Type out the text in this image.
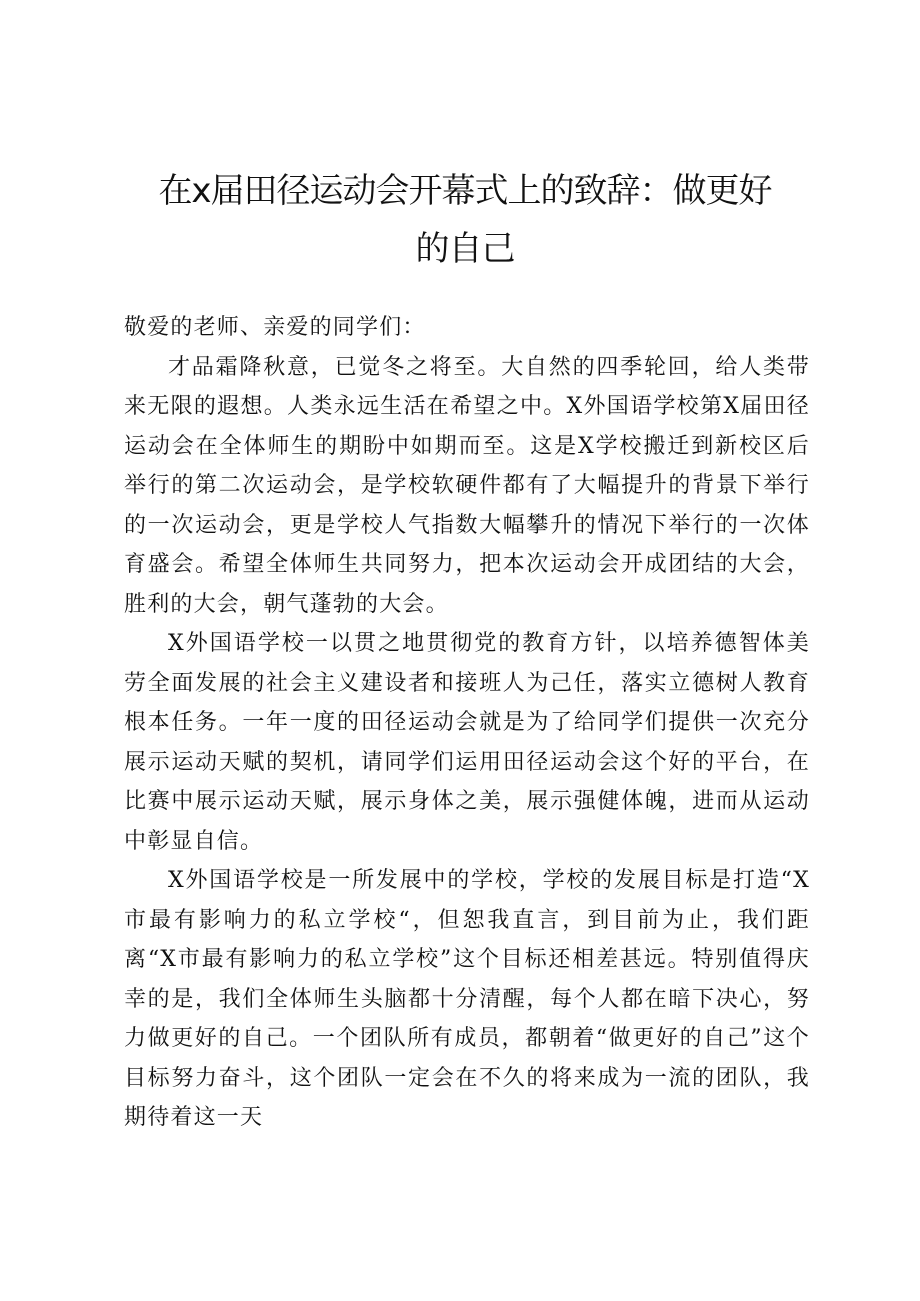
在x届田径运动会开幕式上的致辞：做更好
的自己

敬爱的老师、亲爱的同学们：

才品霜降秋意，已觉冬之将至。大自然的四季轮回，给人类带来无限的遐想。人类永远生活在希望之中。X外国语学校第X届田径运动会在全体师生的期盼中如期而至。这是X学校搬迁到新校区后举行的第二次运动会，是学校软硬件都有了大幅提升的背景下举行的一次运动会，更是学校人气指数大幅攀升的情况下举行的一次体育盛会。希望全体师生共同努力，把本次运动会开成团结的大会，胜利的大会，朝气蓬勃的大会。

X外国语学校一以贯之地贯彻党的教育方针，以培养德智体美劳全面发展的社会主义建设者和接班人为己任，落实立德树人教育根本任务。一年一度的田径运动会就是为了给同学们提供一次充分展示运动天赋的契机，请同学们运用田径运动会这个好的平台，在比赛中展示运动天赋，展示身体之美，展示强健体魄，进而从运动中彰显自信。

X外国语学校是一所发展中的学校，学校的发展目标是打造“X市最有影响力的私立学校“，但恕我直言，到目前为止，我们距离“X市最有影响力的私立学校”这个目标还相差甚远。特别值得庆幸的是，我们全体师生头脑都十分清醒，每个人都在暗下决心，努力做更好的自己。一个团队所有成员，都朝着“做更好的自己”这个目标努力奋斗，这个团队一定会在不久的将来成为一流的团队，我期待着这一天
